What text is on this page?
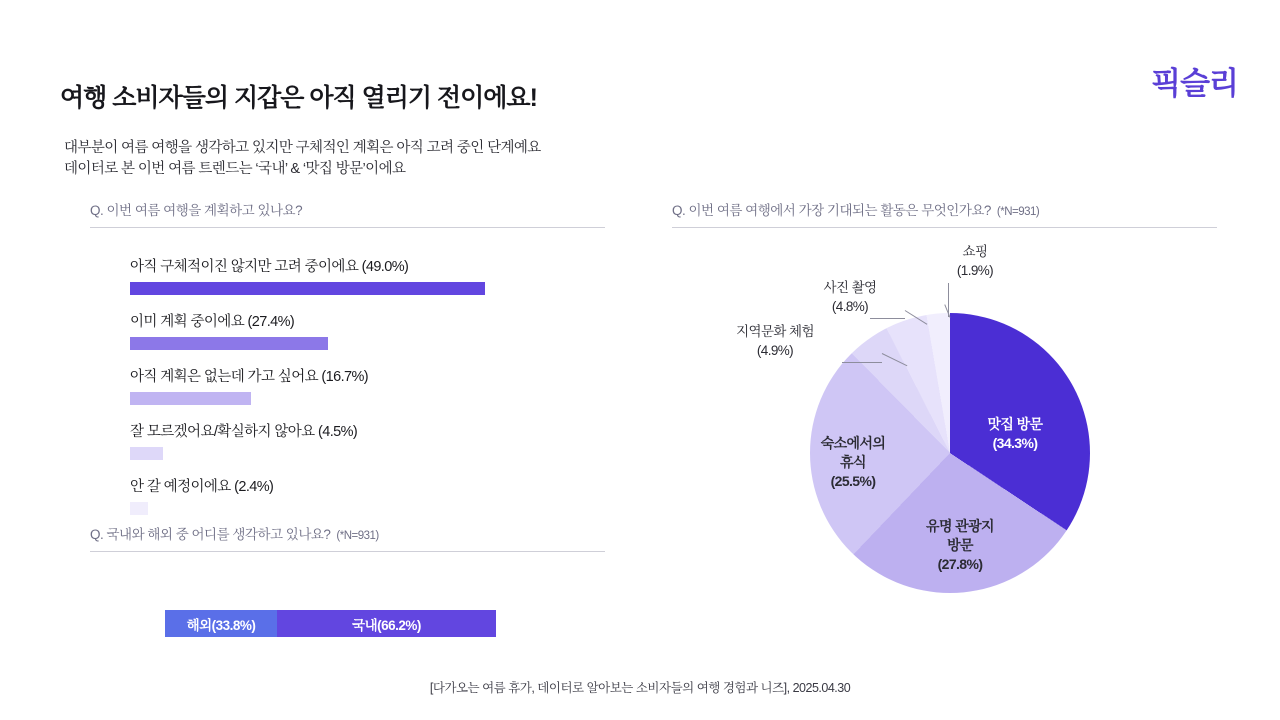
픽슬리
여행 소비자들의 지갑은 아직 열리기 전이에요!
대부분이 여름 여행을 생각하고 있지만 구체적인 계획은 아직 고려 중인 단계예요
데이터로 본 이번 여름 트렌드는 ‘국내’ & ‘맛집 방문’이에요
Q. 이번 여름 여행을 계획하고 있나요?
아직 구체적이진 않지만 고려 중이에요 (49.0%)
이미 계획 중이에요 (27.4%)
아직 계획은 없는데 가고 싶어요 (16.7%)
잘 모르겠어요/확실하지 않아요 (4.5%)
안 갈 예정이에요 (2.4%)
Q. 국내와 해외 중 어디를 생각하고 있나요? (*N=931)
해외(33.8%)	국내(66.2%)
Q. 이번 여름 여행에서 가장 기대되는 활동은 무엇인가요? (*N=931)
맛집 방문
(34.3%)
유명 관광지
방문
(27.8%)
숙소에서의
휴식
(25.5%)
지역문화 체험
(4.9%)
사진 촬영
(4.8%)
쇼핑
(1.9%)
[다가오는 여름 휴가, 데이터로 알아보는 소비자들의 여행 경험과 니즈], 2025.04.30
